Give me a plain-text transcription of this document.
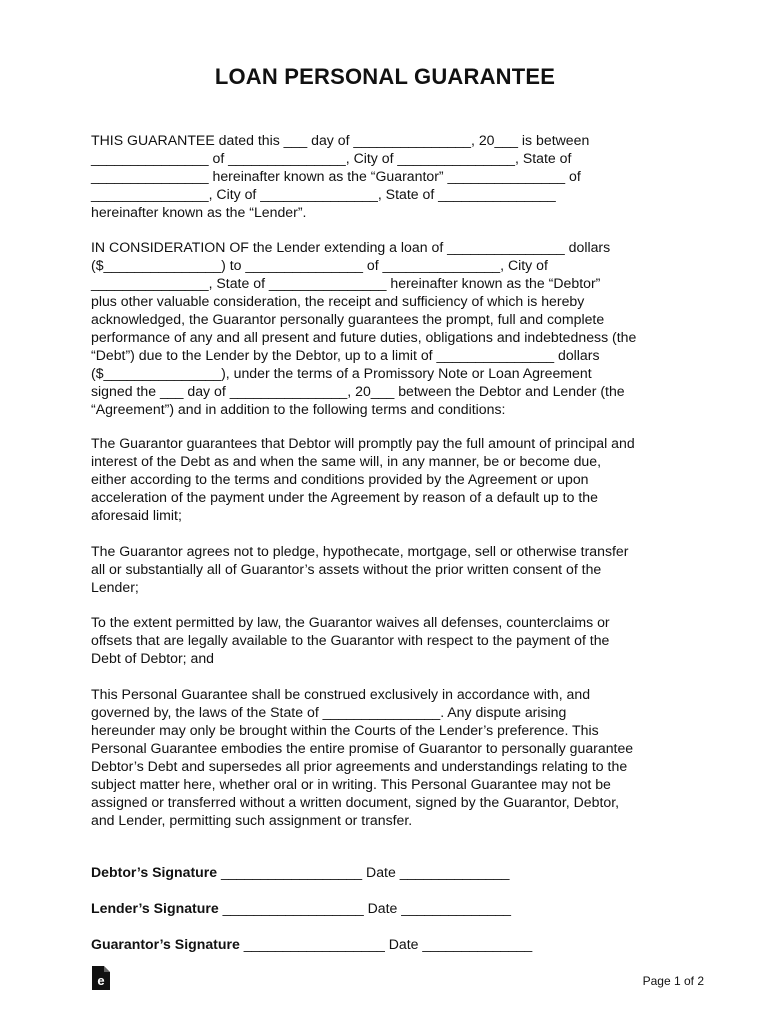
LOAN PERSONAL GUARANTEE

THIS GUARANTEE dated this ___ day of _______________, 20___ is between
_______________ of _______________, City of _______________, State of
_______________ hereinafter known as the “Guarantor” _______________ of
_______________, City of _______________, State of _______________
hereinafter known as the “Lender”.

IN CONSIDERATION OF the Lender extending a loan of _______________ dollars
($_______________) to _______________ of _______________, City of
_______________, State of _______________ hereinafter known as the “Debtor”
plus other valuable consideration, the receipt and sufficiency of which is hereby
acknowledged, the Guarantor personally guarantees the prompt, full and complete
performance of any and all present and future duties, obligations and indebtedness (the
“Debt”) due to the Lender by the Debtor, up to a limit of _______________ dollars
($_______________), under the terms of a Promissory Note or Loan Agreement
signed the ___ day of _______________, 20___ between the Debtor and Lender (the
“Agreement”) and in addition to the following terms and conditions:

The Guarantor guarantees that Debtor will promptly pay the full amount of principal and
interest of the Debt as and when the same will, in any manner, be or become due,
either according to the terms and conditions provided by the Agreement or upon
acceleration of the payment under the Agreement by reason of a default up to the
aforesaid limit;

The Guarantor agrees not to pledge, hypothecate, mortgage, sell or otherwise transfer
all or substantially all of Guarantor’s assets without the prior written consent of the
Lender;

To the extent permitted by law, the Guarantor waives all defenses, counterclaims or
offsets that are legally available to the Guarantor with respect to the payment of the
Debt of Debtor; and

This Personal Guarantee shall be construed exclusively in accordance with, and
governed by, the laws of the State of _______________. Any dispute arising
hereunder may only be brought within the Courts of the Lender’s preference. This
Personal Guarantee embodies the entire promise of Guarantor to personally guarantee
Debtor’s Debt and supersedes all prior agreements and understandings relating to the
subject matter here, whether oral or in writing. This Personal Guarantee may not be
assigned or transferred without a written document, signed by the Guarantor, Debtor,
and Lender, permitting such assignment or transfer.

Debtor’s Signature __________________ Date ______________
Lender’s Signature __________________ Date ______________
Guarantor’s Signature __________________ Date ______________
e	Page 1 of 2
